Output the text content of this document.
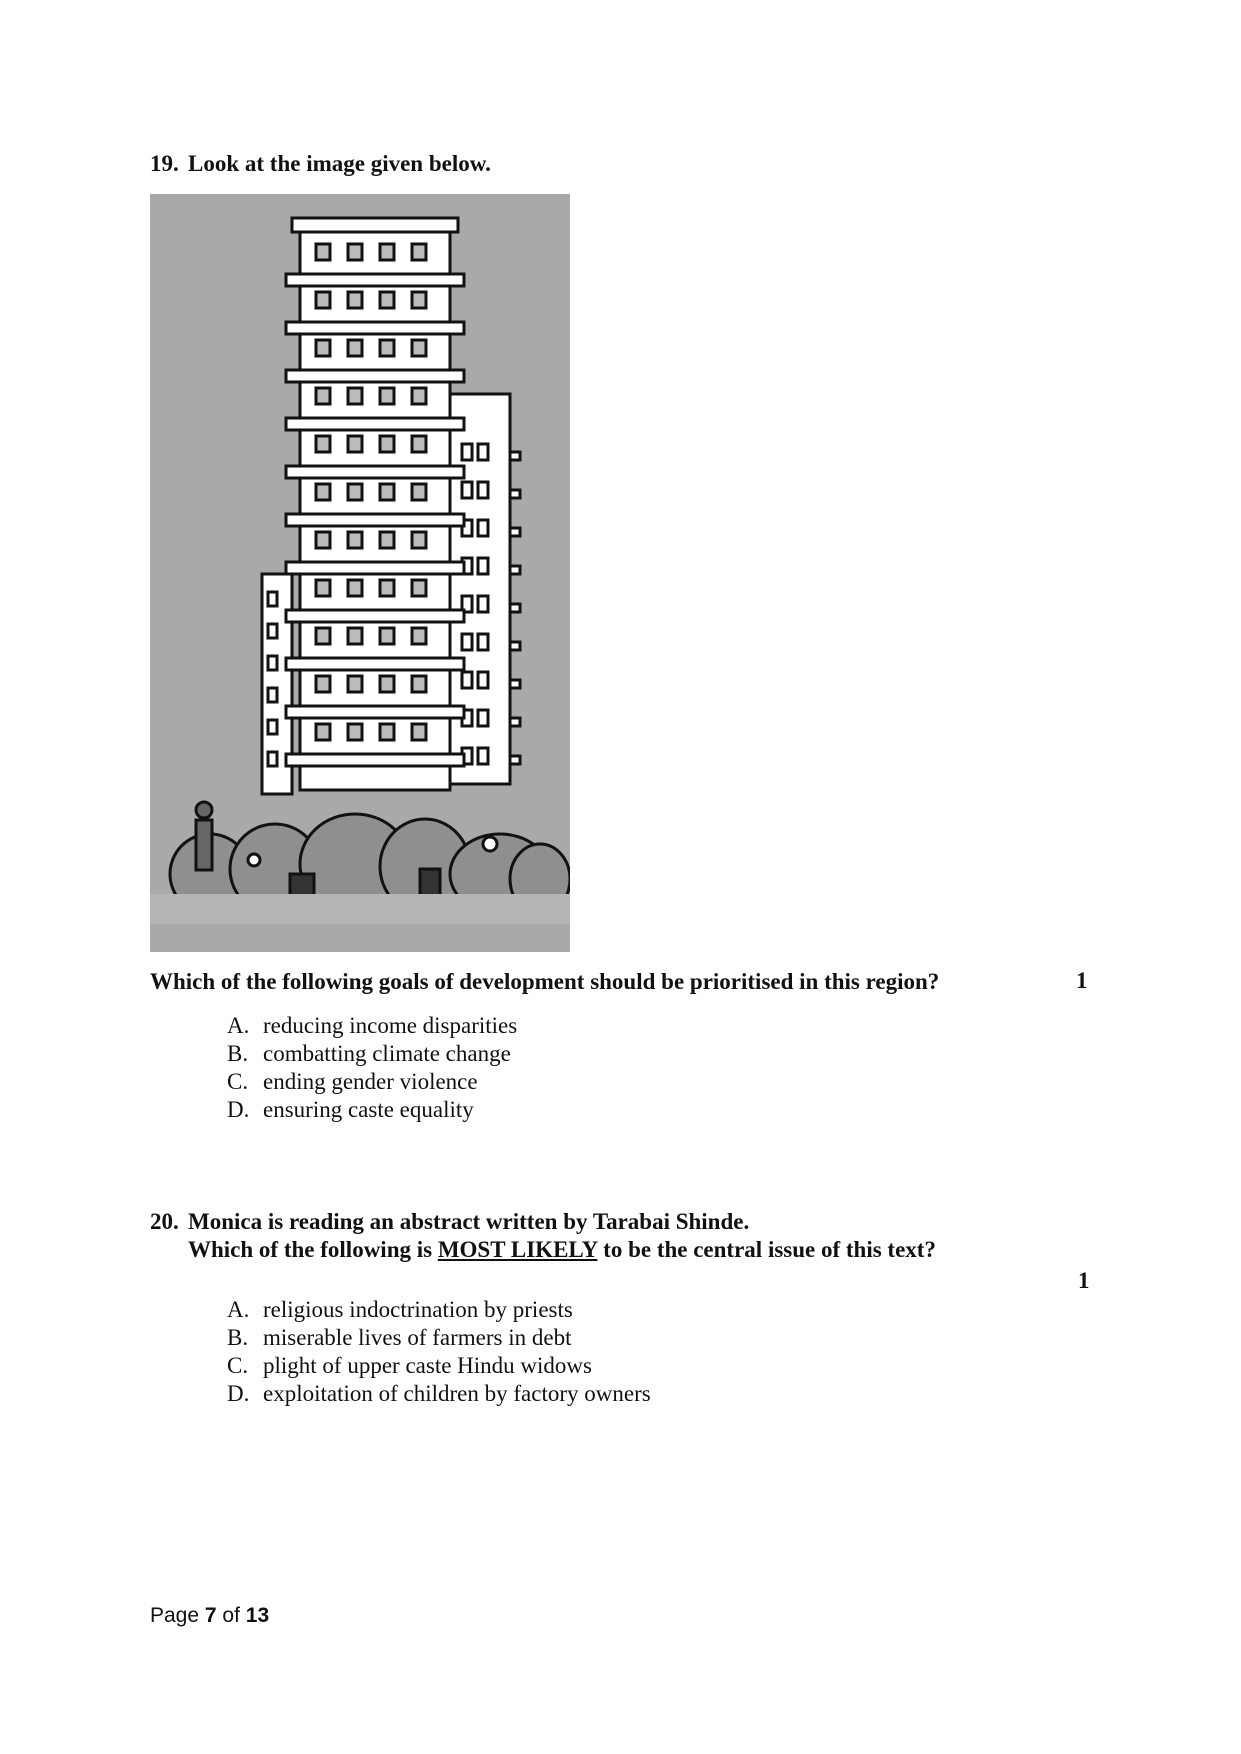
19. Look at the image given below.
Which of the following goals of development should be prioritised in this region?	1
A. reducing income disparities
B. combatting climate change
C. ending gender violence
D. ensuring caste equality
20. Monica is reading an abstract written by Tarabai Shinde.
Which of the following is MOST LIKELY to be the central issue of this text?
1
A. religious indoctrination by priests
B. miserable lives of farmers in debt
C. plight of upper caste Hindu widows
D. exploitation of children by factory owners
Page 7 of 13
